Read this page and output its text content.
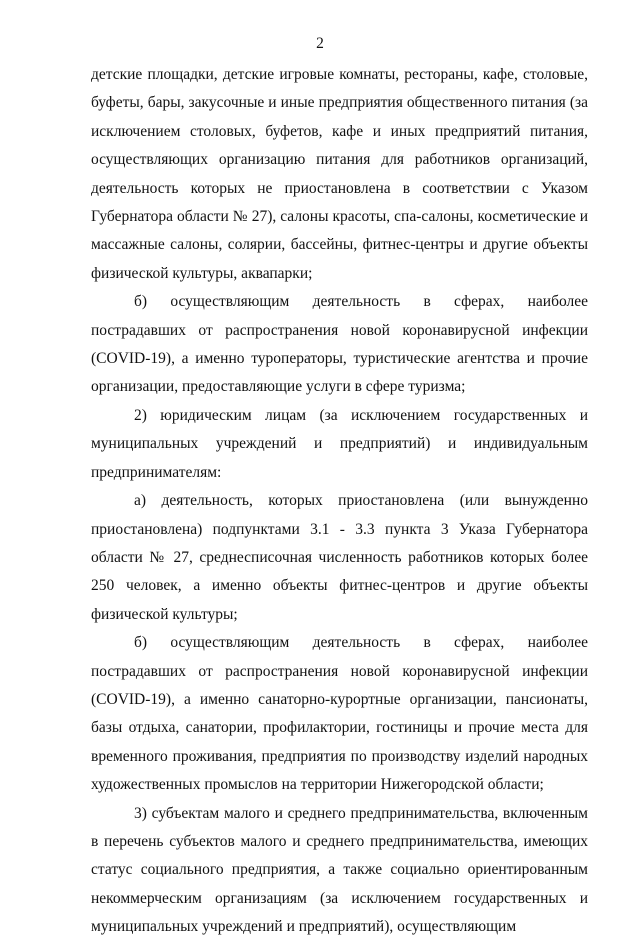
2

детские площадки, детские игровые комнаты, рестораны, кафе, столовые, буфеты, бары, закусочные и иные предприятия общественного питания (за исключением столовых, буфетов, кафе и иных предприятий питания, осуществляющих организацию питания для работников организаций, деятельность которых не приостановлена в соответствии с Указом Губернатора области № 27), салоны красоты, спа-салоны, косметические и массажные салоны, солярии, бассейны, фитнес-центры и другие объекты физической культуры, аквапарки;

б) осуществляющим деятельность в сферах, наиболее пострадавших от распространения новой коронавирусной инфекции (COVID-19), а именно туроператоры, туристические агентства и прочие организации, предоставляющие услуги в сфере туризма;

2) юридическим лицам (за исключением государственных и муниципальных учреждений и предприятий) и индивидуальным предпринимателям:

а) деятельность, которых приостановлена (или вынужденно приостановлена) подпунктами 3.1 - 3.3 пункта 3 Указа Губернатора области № 27, среднесписочная численность работников которых более 250 человек, а именно объекты фитнес-центров и другие объекты физической культуры;

б) осуществляющим деятельность в сферах, наиболее пострадавших от распространения новой коронавирусной инфекции (COVID-19), а именно санаторно-курортные организации, пансионаты, базы отдыха, санатории, профилактории, гостиницы и прочие места для временного проживания, предприятия по производству изделий народных художественных промыслов на территории Нижегородской области;

3) субъектам малого и среднего предпринимательства, включенным в перечень субъектов малого и среднего предпринимательства, имеющих статус социального предприятия, а также социально ориентированным некоммерческим организациям (за исключением государственных и муниципальных учреждений и предприятий), осуществляющим
